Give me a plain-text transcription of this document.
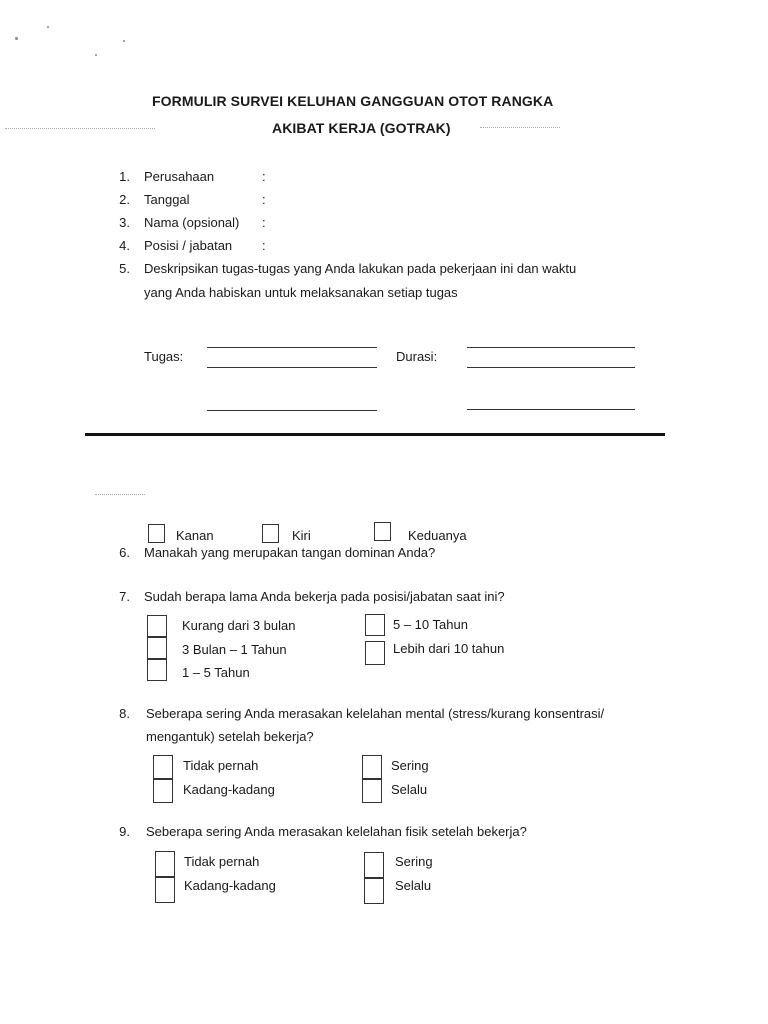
FORMULIR SURVEI KELUHAN GANGGUAN OTOT RANGKA
AKIBAT KERJA (GOTRAK)
1. Perusahaan	:
2. Tanggal	:
3. Nama (opsional) :
4. Posisi / jabatan :
5. Deskripsikan tugas-tugas yang Anda lakukan pada pekerjaan ini dan waktu
yang Anda habiskan untuk melaksanakan setiap tugas
Tugas:	Durasi:
Kanan	Kiri	Keduanya
6. Manakah yang merupakan tangan dominan Anda?
7. Sudah berapa lama Anda bekerja pada posisi/jabatan saat ini?
Kurang dari 3 bulan
3 Bulan – 1 Tahun
1 – 5 Tahun
5 – 10 Tahun
Lebih dari 10 tahun
8. Seberapa sering Anda merasakan kelelahan mental (stress/kurang konsentrasi/
mengantuk) setelah bekerja?
Tidak pernah
Kadang-kadang
Sering
Selalu
9. Seberapa sering Anda merasakan kelelahan fisik setelah bekerja?
Tidak pernah
Kadang-kadang
Sering
Selalu
